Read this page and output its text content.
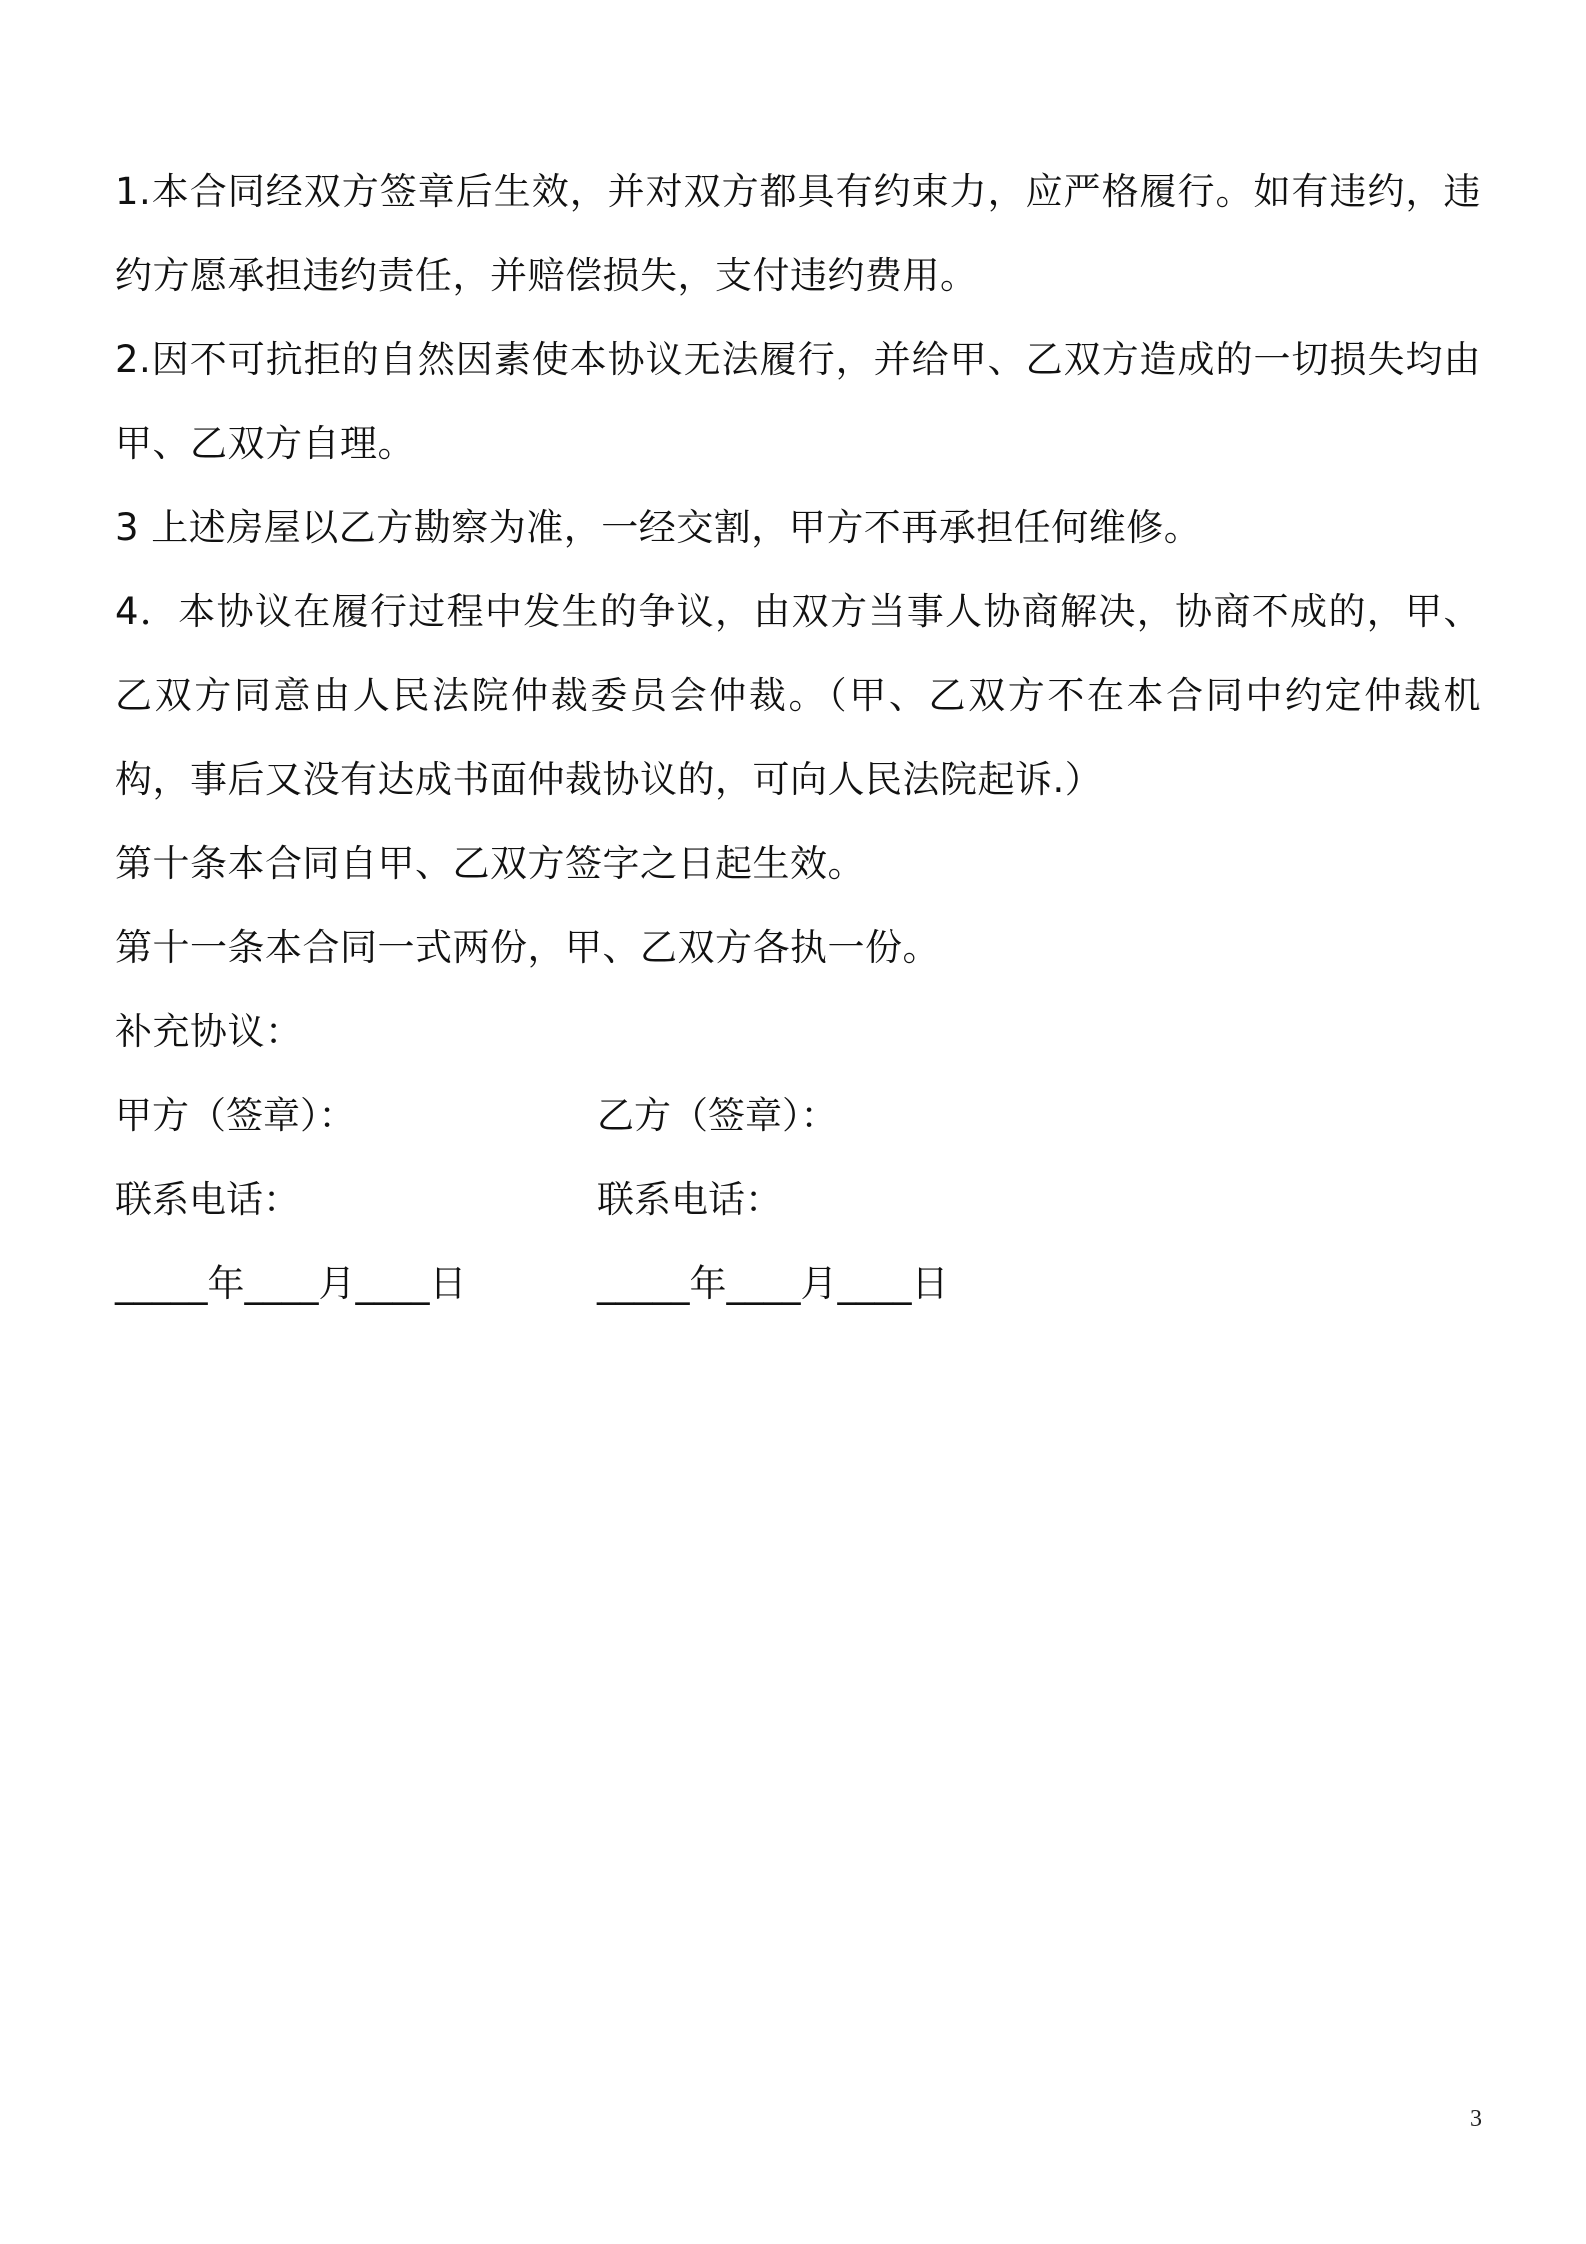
1.本合同经双方签章后生效，并对双方都具有约束力，应严格履行。如有违约，违约方愿承担违约责任，并赔偿损失，支付违约费用。

2.因不可抗拒的自然因素使本协议无法履行，并给甲、乙双方造成的一切损失均由甲、乙双方自理。

3 上述房屋以乙方勘察为准，一经交割，甲方不再承担任何维修。

4．本协议在履行过程中发生的争议，由双方当事人协商解决，协商不成的，甲、乙双方同意由人民法院仲裁委员会仲裁。（甲、乙双方不在本合同中约定仲裁机构，事后又没有达成书面仲裁协议的，可向人民法院起诉.）

第十条本合同自甲、乙双方签字之日起生效。

第十一条本合同一式两份，甲、乙双方各执一份。

补充协议：

甲方（签章）：	乙方（签章）：
联系电话：	联系电话：
_____年____月____日	_____年____月____日
3
